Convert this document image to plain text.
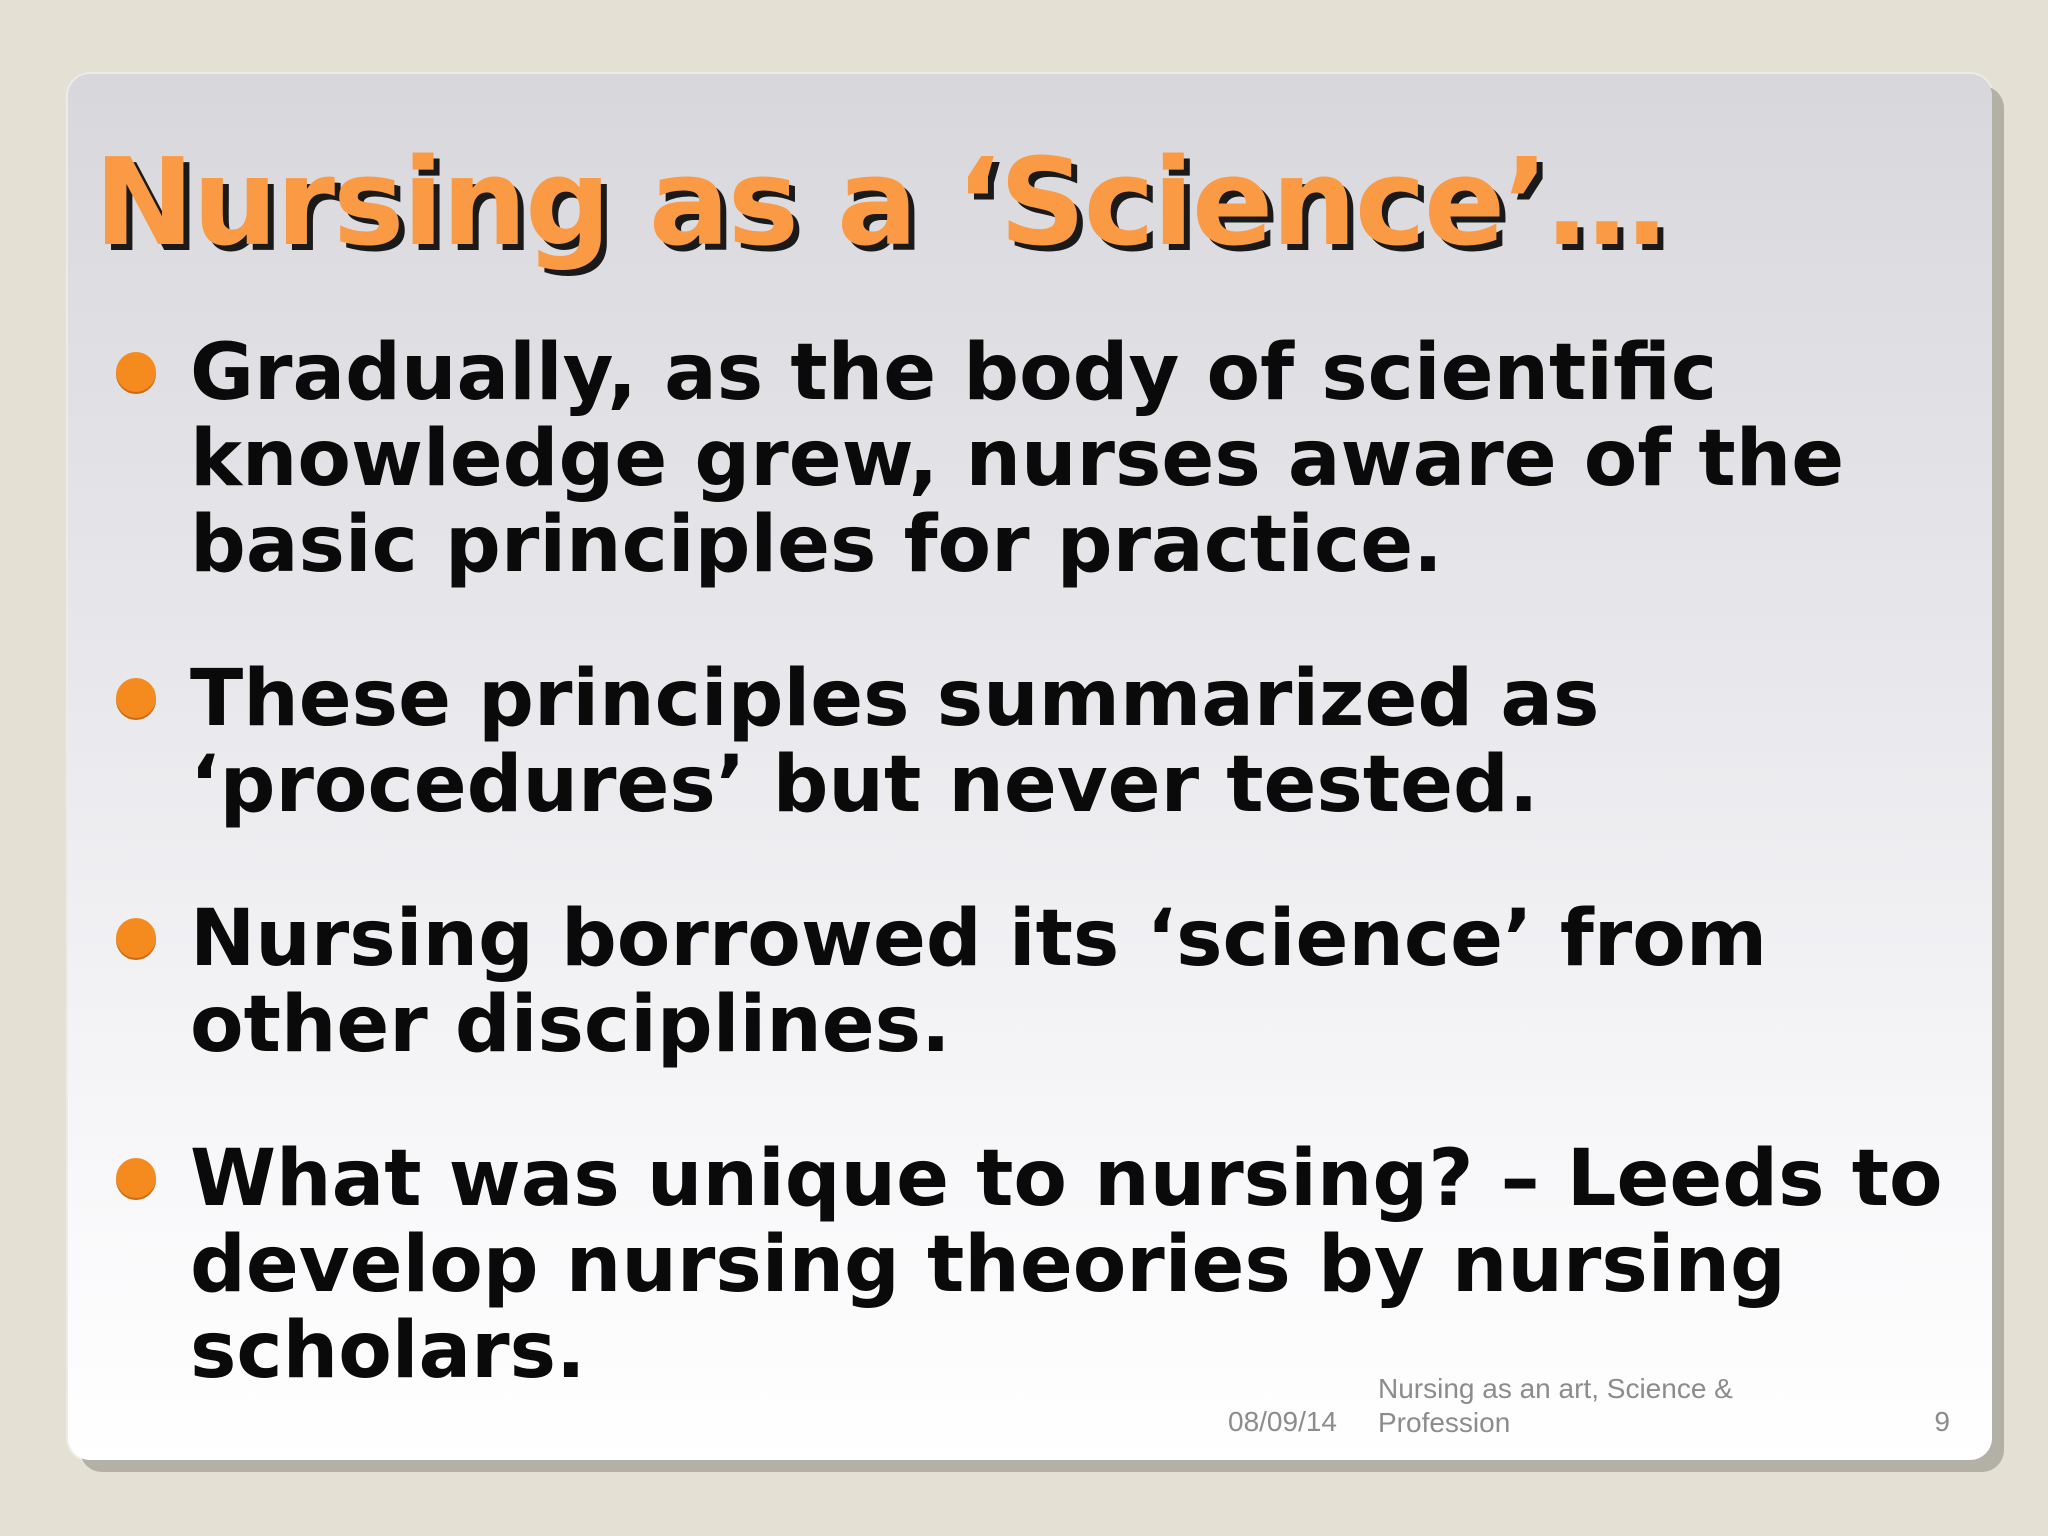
Nursing as a ‘Science’…
Gradually, as the body of scientific knowledge grew, nurses aware of the basic principles for practice.
These principles summarized as ‘procedures’ but never tested.
Nursing borrowed its ‘science’ from other disciplines.
What was unique to nursing? – Leeds to develop nursing theories by nursing scholars.
08/09/14
Nursing as an art, Science & Profession	9
